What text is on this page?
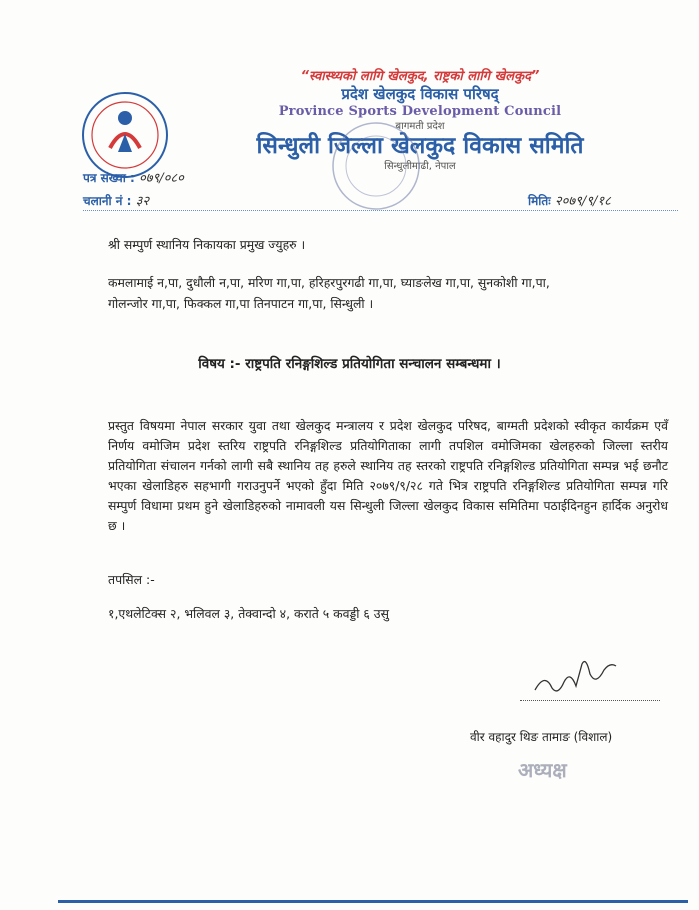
“स्वास्थ्यको लागि खेलकुद, राष्ट्रको लागि खेलकुद”
प्रदेश खेलकुद विकास परिषद्
Province Sports Development Council
बागमती प्रदेश
सिन्धुली जिल्ला खेलकुद विकास समिति
सिन्धुलीमाढी, नेपाल
पत्र संख्या : ०७९/०८०
चलानी नं : ३२	मितिः २०७९/९/१८
श्री सम्पुर्ण स्थानिय निकायका प्रमुख ज्युहरु ।
कमलामाई न,पा, दुधौली न,पा, मरिण गा,पा, हरिहरपुरगढी गा,पा, घ्याङलेख गा,पा, सुनकोशी गा,पा,
गोलन्जोर गा,पा, फिक्कल गा,पा तिनपाटन गा,पा, सिन्धुली ।
विषय :- राष्ट्रपति रनिङ्गशिल्ड प्रतियोगिता सन्चालन सम्बन्धमा ।
प्रस्तुत विषयमा नेपाल सरकार युवा तथा खेलकुद मन्त्रालय र प्रदेश खेलकुद परिषद, बाग्मती प्रदेशको स्वीकृत कार्यक्रम एवँ निर्णय वमोजिम प्रदेश स्तरिय राष्ट्रपति रनिङ्गशिल्ड प्रतियोगिताका लागी तपशिल वमोजिमका खेलहरुको जिल्ला स्तरीय प्रतियोगिता संचालन गर्नको लागी सबै स्थानिय तह हरुले स्थानिय तह स्तरको राष्ट्रपति रनिङ्गशिल्ड प्रतियोगिता सम्पन्न भई छनौट भएका खेलाडिहरु सहभागी गराउनुपर्ने भएको हुँदा मिति २०७९/९/२८ गते भित्र राष्ट्रपति रनिङ्गशिल्ड प्रतियोगिता सम्पन्न गरि सम्पुर्ण विधामा प्रथम हुने खेलाडिहरुको नामावली यस सिन्धुली जिल्ला खेलकुद विकास समितिमा पठाईदिनहुन हार्दिक अनुरोध छ ।
तपसिल :-
१,एथलेटिक्स २, भलिवल ३, तेक्वान्दो ४, कराते ५ कवड्डी ६ उसु
वीर वहादुर थिङ तामाङ (विशाल)
अध्यक्ष
